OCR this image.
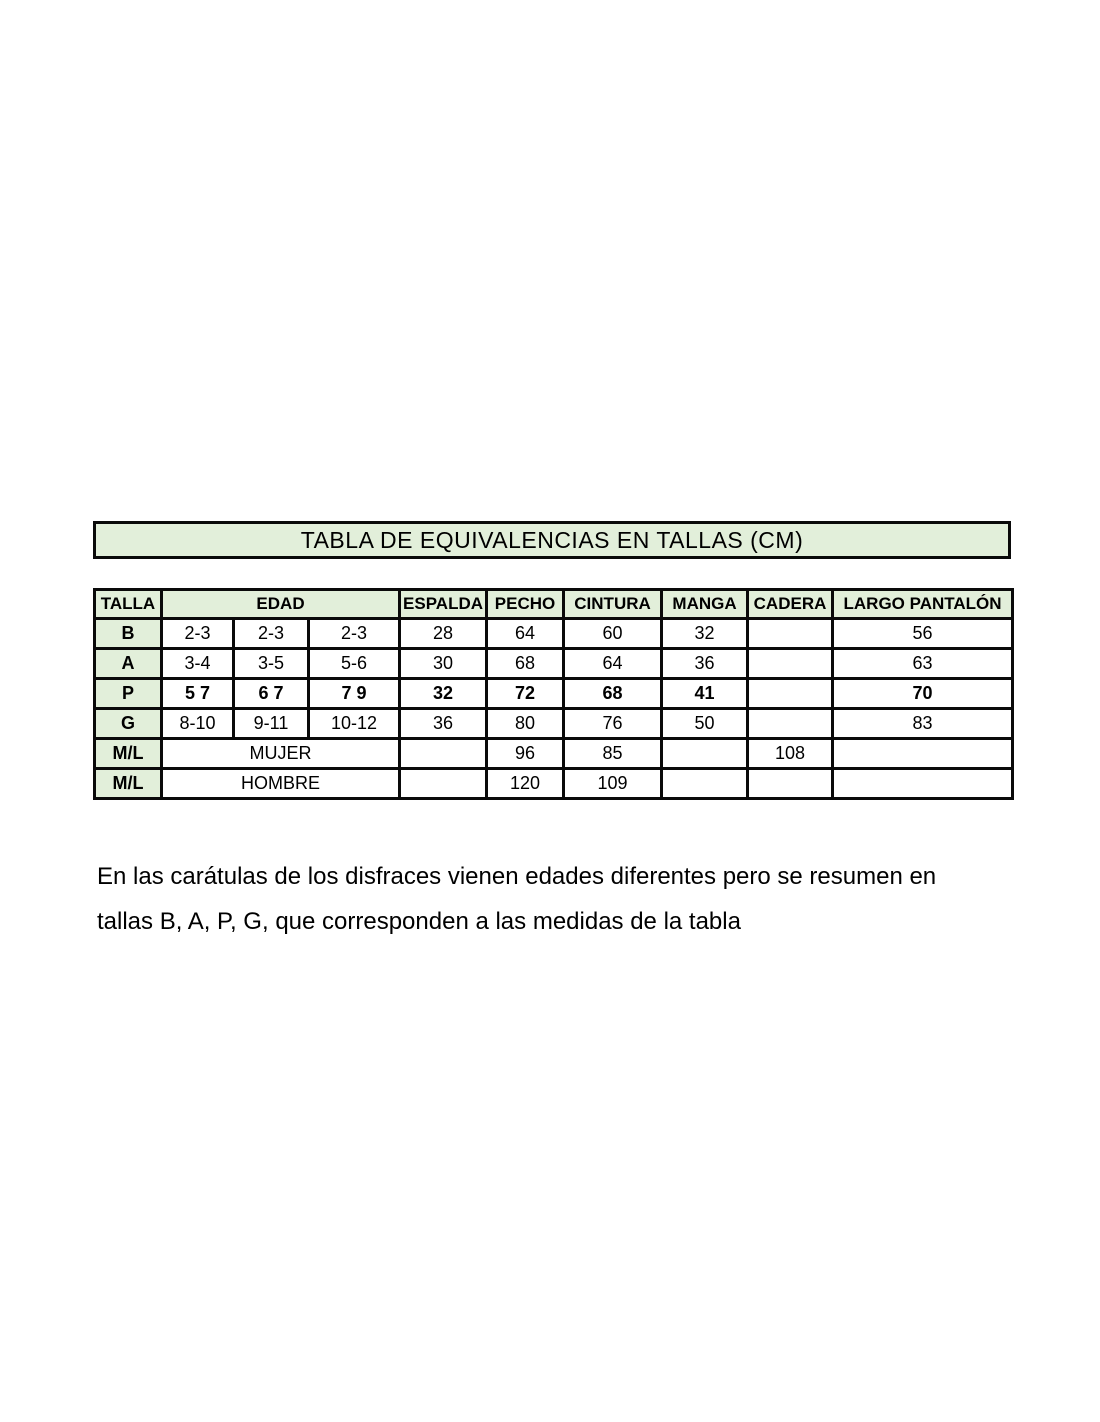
TABLA DE EQUIVALENCIAS EN TALLAS (CM)
TALLA	EDAD			ESPALDA	PECHO	CINTURA	MANGA	CADERA	LARGO PANTALÓN
B	2-3	2-3	2-3	28	64	60	32		56
A	3-4	3-5	5-6	30	68	64	36		63
P	5 7	6 7	7 9	32	72	68	41		70
G	8-10	9-11	10-12	36	80	76	50		83
M/L	MUJER				96	85		108	
M/L	HOMBRE				120	109			
En las carátulas de los disfraces vienen edades diferentes pero se resumen en
tallas B, A, P, G, que corresponden a las medidas de la tabla
